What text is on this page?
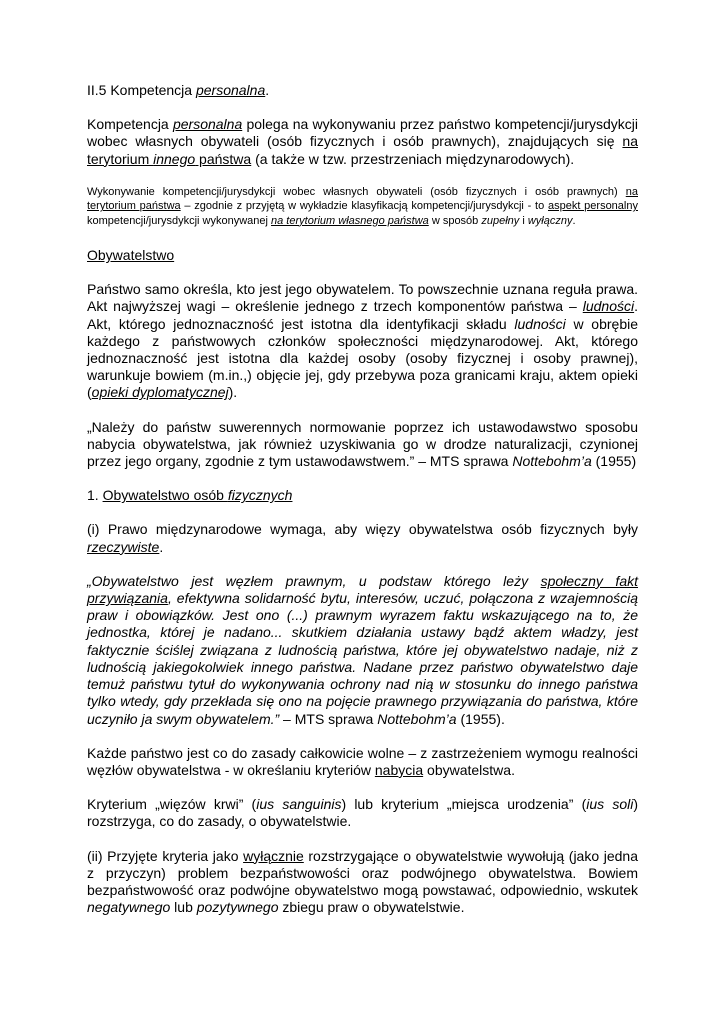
II.5 Kompetencja personalna.

Kompetencja personalna polega na wykonywaniu przez państwo kompetencji/jurysdykcji wobec własnych obywateli (osób fizycznych i osób prawnych), znajdujących się na terytorium innego państwa (a także w tzw. przestrzeniach międzynarodowych).

Wykonywanie kompetencji/jurysdykcji wobec własnych obywateli (osób fizycznych i osób prawnych) na terytorium państwa – zgodnie z przyjętą w wykładzie klasyfikacją kompetencji/jurysdykcji - to aspekt personalny kompetencji/jurysdykcji wykonywanej na terytorium własnego państwa w sposób zupełny i wyłączny.

Obywatelstwo

Państwo samo określa, kto jest jego obywatelem. To powszechnie uznana reguła prawa. Akt najwyższej wagi – określenie jednego z trzech komponentów państwa – ludności. Akt, którego jednoznaczność jest istotna dla identyfikacji składu ludności w obrębie każdego z państwowych członków społeczności międzynarodowej. Akt, którego jednoznaczność jest istotna dla każdej osoby (osoby fizycznej i osoby prawnej), warunkuje bowiem (m.in.,) objęcie jej, gdy przebywa poza granicami kraju, aktem opieki (opieki dyplomatycznej).

„Należy do państw suwerennych normowanie poprzez ich ustawodawstwo sposobu nabycia obywatelstwa, jak również uzyskiwania go w drodze naturalizacji, czynionej przez jego organy, zgodnie z tym ustawodawstwem.” – MTS sprawa Nottebohm’a (1955)

1. Obywatelstwo osób fizycznych

(i) Prawo międzynarodowe wymaga, aby więzy obywatelstwa osób fizycznych były rzeczywiste.

„Obywatelstwo jest węzłem prawnym, u podstaw którego leży społeczny fakt przywiązania, efektywna solidarność bytu, interesów, uczuć, połączona z wzajemnością praw i obowiązków. Jest ono (...) prawnym wyrazem faktu wskazującego na to, że jednostka, której je nadano... skutkiem działania ustawy bądź aktem władzy, jest faktycznie ściślej związana z ludnością państwa, które jej obywatelstwo nadaje, niż z ludnością jakiegokolwiek innego państwa. Nadane przez państwo obywatelstwo daje temuż państwu tytuł do wykonywania ochrony nad nią w stosunku do innego państwa tylko wtedy, gdy przekłada się ono na pojęcie prawnego przywiązania do państwa, które uczyniło ja swym obywatelem.” – MTS sprawa Nottebohm’a (1955).

Każde państwo jest co do zasady całkowicie wolne – z zastrzeżeniem wymogu realności węzłów obywatelstwa - w określaniu kryteriów nabycia obywatelstwa.

Kryterium „więzów krwi” (ius sanguinis) lub kryterium „miejsca urodzenia” (ius soli) rozstrzyga, co do zasady, o obywatelstwie.

(ii) Przyjęte kryteria jako wyłącznie rozstrzygające o obywatelstwie wywołują (jako jedna z przyczyn) problem bezpaństwowości oraz podwójnego obywatelstwa. Bowiem bezpaństwowość oraz podwójne obywatelstwo mogą powstawać, odpowiednio, wskutek negatywnego lub pozytywnego zbiegu praw o obywatelstwie.
